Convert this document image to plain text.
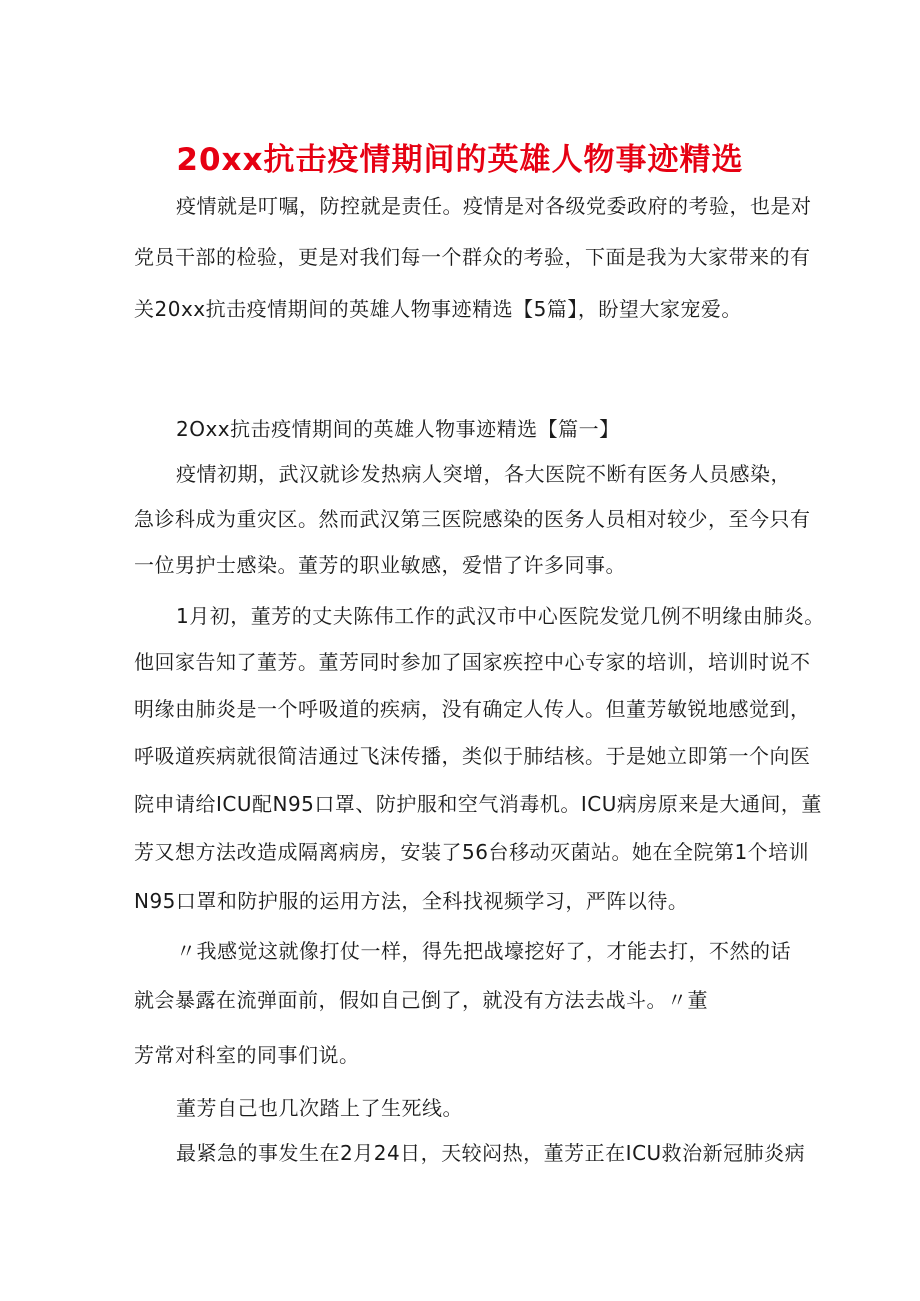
20xx抗击疫情期间的英雄人物事迹精选
疫情就是叮嘱，防控就是责任。疫情是对各级党委政府的考验，也是对
党员干部的检验，更是对我们每一个群众的考验，下面是我为大家带来的有
关20xx抗击疫情期间的英雄人物事迹精选【5篇】，盼望大家宠爱。
2Oxx抗击疫情期间的英雄人物事迹精选【篇一】
疫情初期，武汉就诊发热病人突增，各大医院不断有医务人员感染，
急诊科成为重灾区。然而武汉第三医院感染的医务人员相对较少，至今只有
一位男护士感染。董芳的职业敏感，爱惜了许多同事。
1月初，董芳的丈夫陈伟工作的武汉市中心医院发觉几例不明缘由肺炎。
他回家告知了董芳。董芳同时参加了国家疾控中心专家的培训，培训时说不
明缘由肺炎是一个呼吸道的疾病，没有确定人传人。但董芳敏锐地感觉到，
呼吸道疾病就很简洁通过飞沫传播，类似于肺结核。于是她立即第一个向医
院申请给ICU配N95口罩、防护服和空气消毒机。ICU病房原来是大通间，董
芳又想方法改造成隔离病房，安装了56台移动灭菌站。她在全院第1个培训
N95口罩和防护服的运用方法，全科找视频学习，严阵以待。
〃我感觉这就像打仗一样，得先把战壕挖好了，才能去打，不然的话
就会暴露在流弹面前，假如自己倒了，就没有方法去战斗。〃董
芳常对科室的同事们说。
董芳自己也几次踏上了生死线。
最紧急的事发生在2月24日，天较闷热，董芳正在ICU救治新冠肺炎病
